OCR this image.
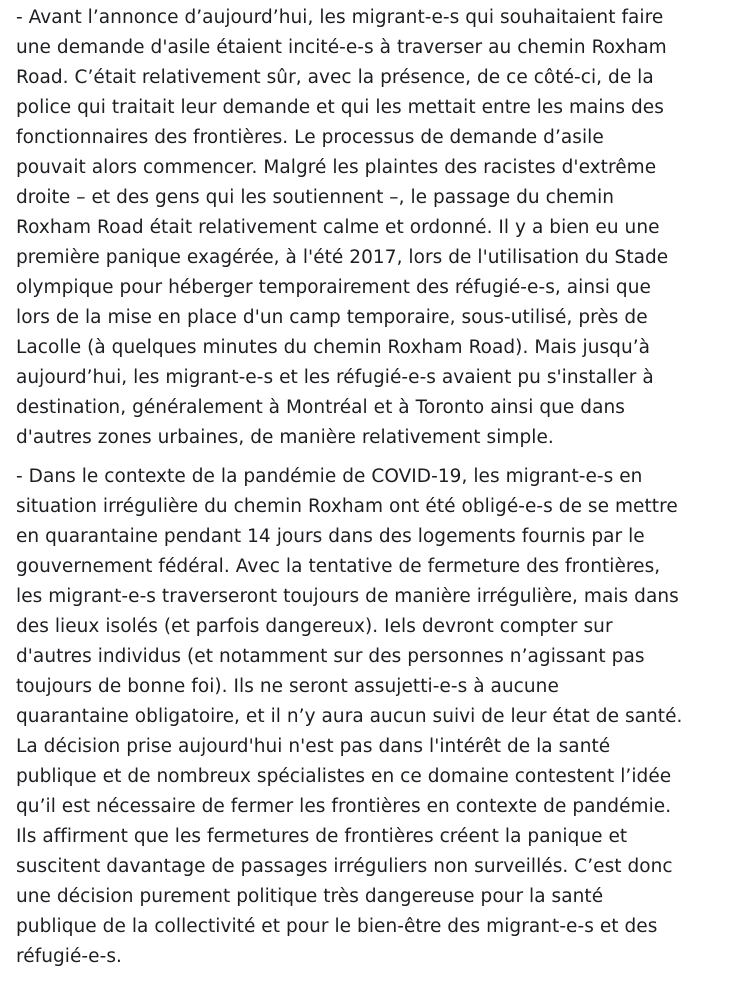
- Avant l’annonce d’aujourd’hui, les migrant-e-s qui souhaitaient faire
une demande d'asile étaient incité-e-s à traverser au chemin Roxham
Road. C’était relativement sûr, avec la présence, de ce côté-ci, de la
police qui traitait leur demande et qui les mettait entre les mains des
fonctionnaires des frontières. Le processus de demande d’asile
pouvait alors commencer. Malgré les plaintes des racistes d'extrême
droite – et des gens qui les soutiennent –, le passage du chemin
Roxham Road était relativement calme et ordonné. Il y a bien eu une
première panique exagérée, à l'été 2017, lors de l'utilisation du Stade
olympique pour héberger temporairement des réfugié-e-s, ainsi que
lors de la mise en place d'un camp temporaire, sous-utilisé, près de
Lacolle (à quelques minutes du chemin Roxham Road). Mais jusqu’à
aujourd’hui, les migrant-e-s et les réfugié-e-s avaient pu s'installer à
destination, généralement à Montréal et à Toronto ainsi que dans
d'autres zones urbaines, de manière relativement simple.

- Dans le contexte de la pandémie de COVID-19, les migrant-e-s en
situation irrégulière du chemin Roxham ont été obligé-e-s de se mettre
en quarantaine pendant 14 jours dans des logements fournis par le
gouvernement fédéral. Avec la tentative de fermeture des frontières,
les migrant-e-s traverseront toujours de manière irrégulière, mais dans
des lieux isolés (et parfois dangereux). Iels devront compter sur
d'autres individus (et notamment sur des personnes n’agissant pas
toujours de bonne foi). Ils ne seront assujetti-e-s à aucune
quarantaine obligatoire, et il n’y aura aucun suivi de leur état de santé.
La décision prise aujourd'hui n'est pas dans l'intérêt de la santé
publique et de nombreux spécialistes en ce domaine contestent l’idée
qu’il est nécessaire de fermer les frontières en contexte de pandémie.
Ils affirment que les fermetures de frontières créent la panique et
suscitent davantage de passages irréguliers non surveillés. C’est donc
une décision purement politique très dangereuse pour la santé
publique de la collectivité et pour le bien-être des migrant-e-s et des
réfugié-e-s.
